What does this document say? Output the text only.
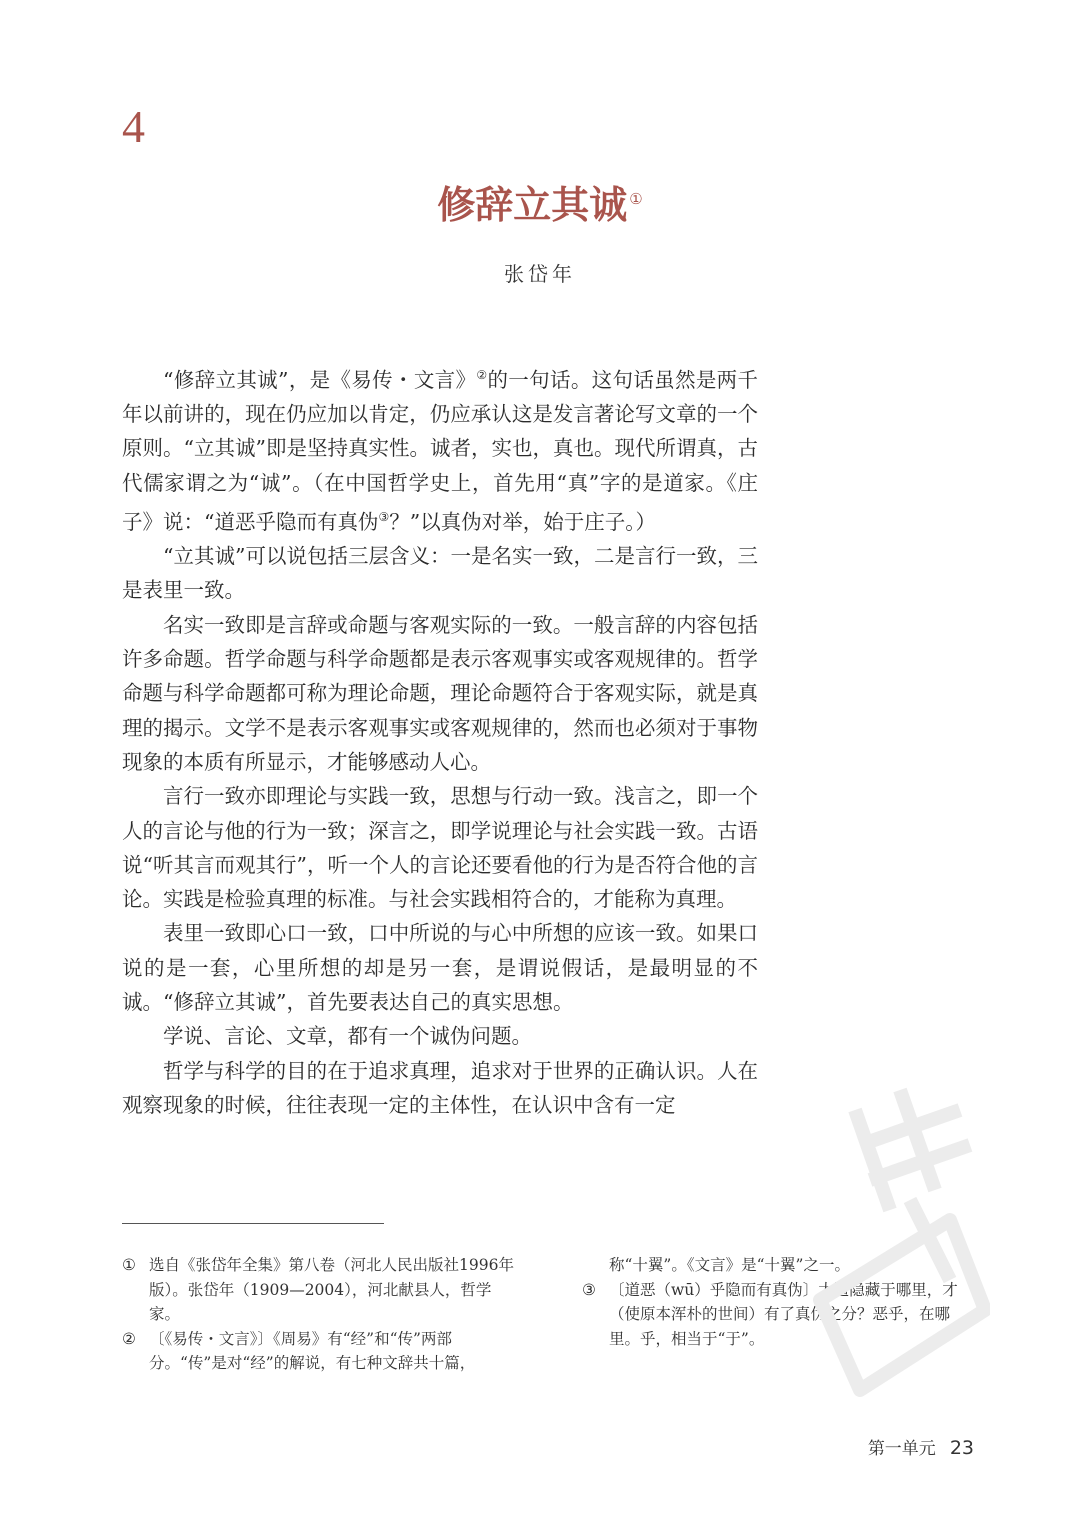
4
修辞立其诚 ①
张岱年

“修辞立其诚”，是《易传・文言》②的一句话。这句话虽然是两千年以前讲的，现在仍应加以肯定，仍应承认这是发言著论写文章的一个原则。“立其诚”即是坚持真实性。诚者，实也，真也。现代所谓真，古代儒家谓之为“诚”。（在中国哲学史上，首先用“真”字的是道家。《庄子》说：“道恶乎隐而有真伪③？”以真伪对举，始于庄子。）

“立其诚”可以说包括三层含义：一是名实一致，二是言行一致，三是表里一致。

名实一致即是言辞或命题与客观实际的一致。一般言辞的内容包括许多命题。哲学命题与科学命题都是表示客观事实或客观规律的。哲学命题与科学命题都可称为理论命题，理论命题符合于客观实际，就是真理的揭示。文学不是表示客观事实或客观规律的，然而也必须对于事物现象的本质有所显示，才能够感动人心。

言行一致亦即理论与实践一致，思想与行动一致。浅言之，即一个人的言论与他的行为一致；深言之，即学说理论与社会实践一致。古语说“听其言而观其行”，听一个人的言论还要看他的行为是否符合他的言论。实践是检验真理的标准。与社会实践相符合的，才能称为真理。

表里一致即心口一致，口中所说的与心中所想的应该一致。如果口说的是一套，心里所想的却是另一套，是谓说假话，是最明显的不诚。“修辞立其诚”，首先要表达自己的真实思想。

学说、言论、文章，都有一个诚伪问题。

哲学与科学的目的在于追求真理，追求对于世界的正确认识。人在观察现象的时候，往往表现一定的主体性，在认识中含有一定

① 选自《张岱年全集》第八卷（河北人民出版社1996年版）。张岱年（1909—2004），河北献县人，哲学家。

② 〔《易传・文言》〕《周易》有“经”和“传”两部分。“传”是对“经”的解说，有七种文辞共十篇，

称“十翼”。《文言》是“十翼”之一。

③ 〔道恶（wū）乎隐而有真伪〕大道隐藏于哪里，才（使原本浑朴的世间）有了真伪之分？恶乎，在哪里。乎，相当于“于”。

第一单元 23
